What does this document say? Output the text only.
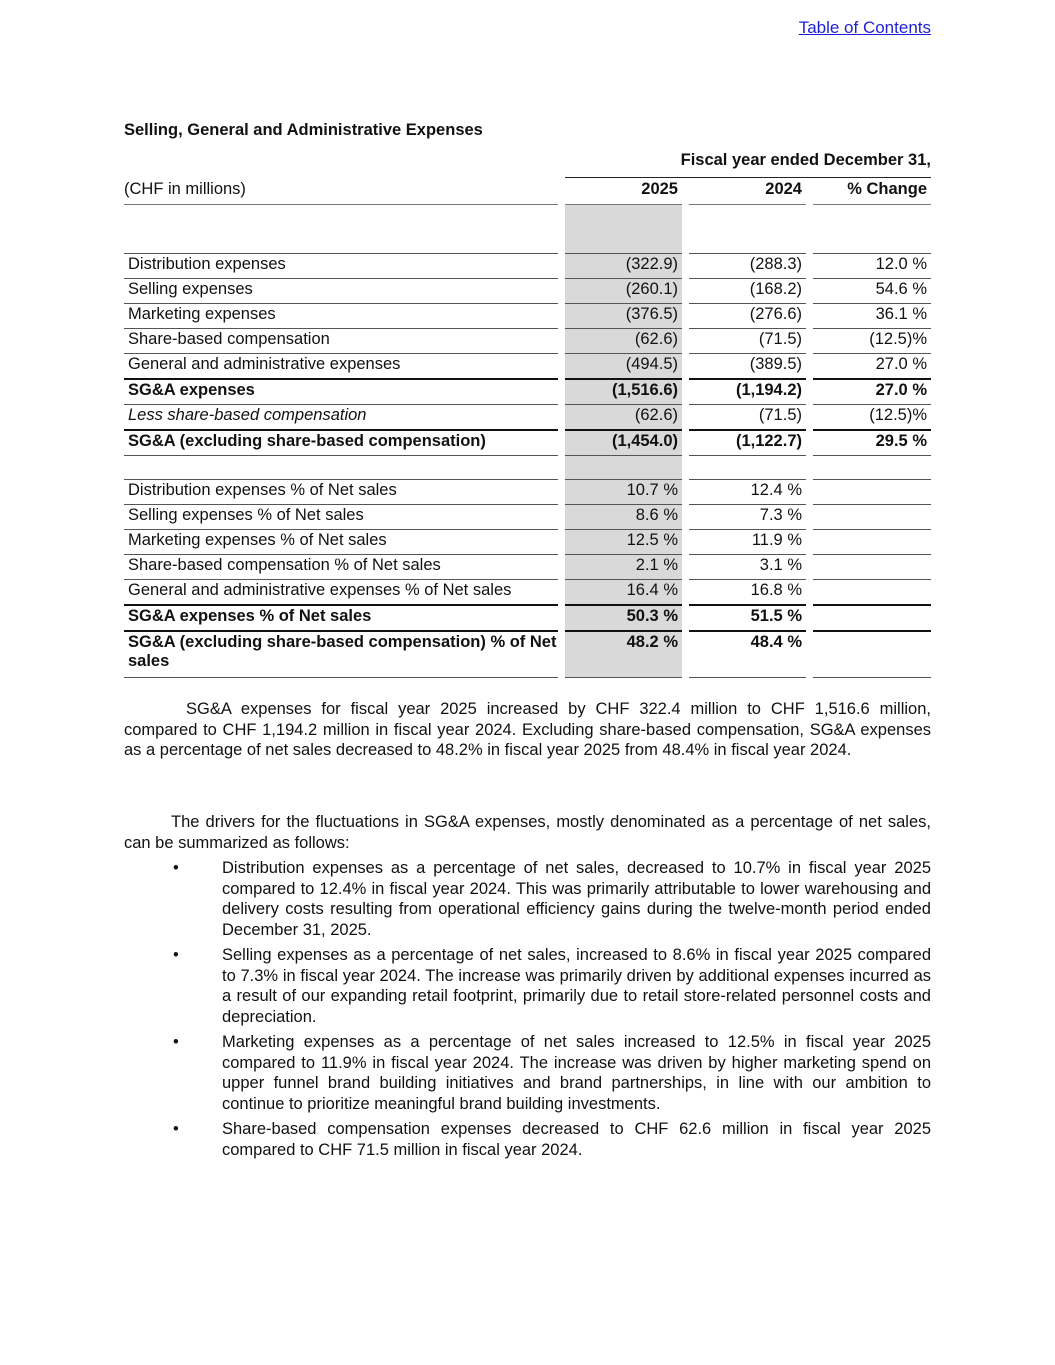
Table of Contents
Selling, General and Administrative Expenses
		Fiscal year ended December 31,				
(CHF in millions)		2025		2024		% Change

Distribution expenses		(322.9)		(288.3)		12.0 %
Selling expenses		(260.1)		(168.2)		54.6 %
Marketing expenses		(376.5)		(276.6)		36.1 %
Share-based compensation		(62.6)		(71.5)		(12.5)%
General and administrative expenses		(494.5)		(389.5)		27.0 %
SG&A expenses		(1,516.6)		(1,194.2)		27.0 %
Less share-based compensation		(62.6)		(71.5)		(12.5)%
SG&A (excluding share-based compensation)		(1,454.0)		(1,122.7)		29.5 %

Distribution expenses % of Net sales		10.7 %		12.4 %		
Selling expenses % of Net sales		8.6 %		7.3 %		
Marketing expenses % of Net sales		12.5 %		11.9 %		
Share-based compensation % of Net sales		2.1 %		3.1 %		
General and administrative expenses % of Net sales		16.4 %		16.8 %		
SG&A expenses % of Net sales		50.3 %		51.5 %		
SG&A (excluding share-based compensation) % of Net sales		48.2 %		48.4 %		

SG&A expenses for fiscal year 2025 increased by CHF 322.4 million to CHF 1,516.6 million, compared to CHF 1,194.2 million in fiscal year 2024. Excluding share-based compensation, SG&A expenses as a percentage of net sales decreased to 48.2% in fiscal year 2025 from 48.4% in fiscal year 2024.

The drivers for the fluctuations in SG&A expenses, mostly denominated as a percentage of net sales, can be summarized as follows:

•	Distribution expenses as a percentage of net sales, decreased to 10.7% in fiscal year 2025 compared to 12.4% in fiscal year 2024. This was primarily attributable to lower warehousing and delivery costs resulting from operational efficiency gains during the twelve-month period ended December 31, 2025.
•	Selling expenses as a percentage of net sales, increased to 8.6% in fiscal year 2025 compared to 7.3% in fiscal year 2024. The increase was primarily driven by additional expenses incurred as a result of our expanding retail footprint, primarily due to retail store-related personnel costs and depreciation.
•	Marketing expenses as a percentage of net sales increased to 12.5% in fiscal year 2025 compared to 11.9% in fiscal year 2024. The increase was driven by higher marketing spend on upper funnel brand building initiatives and brand partnerships, in line with our ambition to continue to prioritize meaningful brand building investments.
•	Share-based compensation expenses decreased to CHF 62.6 million in fiscal year 2025 compared to CHF 71.5 million in fiscal year 2024.
